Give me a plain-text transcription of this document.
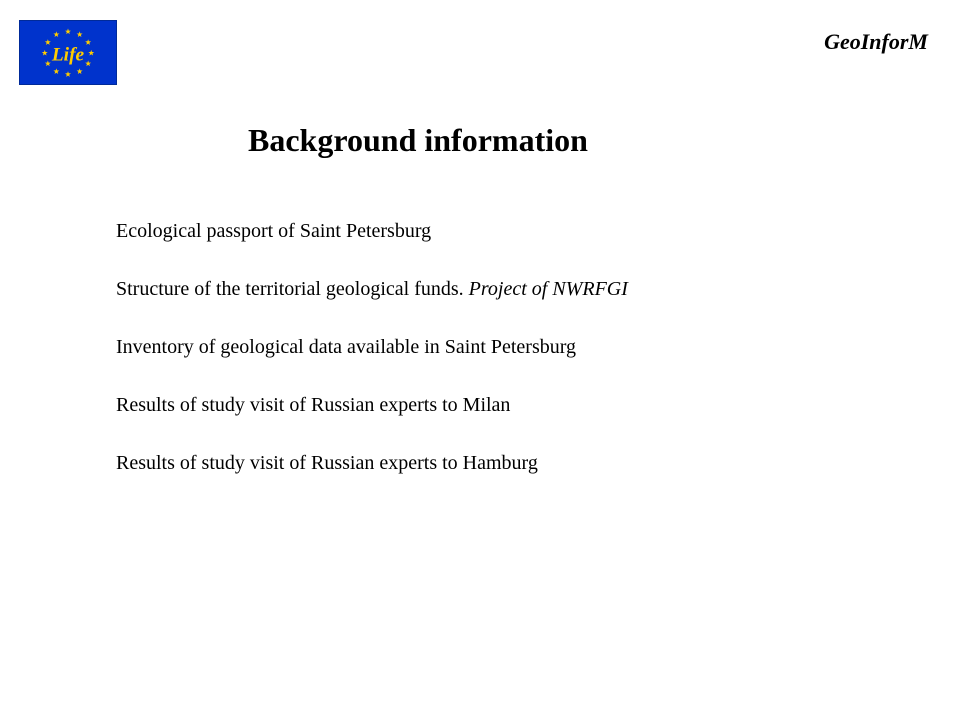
Life
GeoInforM
Background information
Ecological passport of Saint Petersburg
Structure of the territorial geological funds. Project of NWRFGI
Inventory of geological data available in Saint Petersburg
Results of study visit of Russian experts to Milan
Results of study visit of Russian experts to Hamburg
